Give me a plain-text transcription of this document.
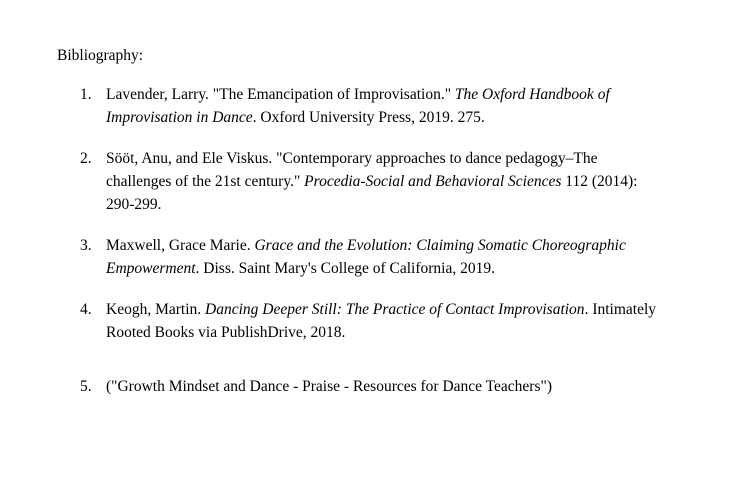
Bibliography:

1. Lavender, Larry. "The Emancipation of Improvisation." The Oxford Handbook of
Improvisation in Dance. Oxford University Press, 2019. 275.
2. Sööt, Anu, and Ele Viskus. "Contemporary approaches to dance pedagogy–The
challenges of the 21st century." Procedia-Social and Behavioral Sciences 112 (2014):
290-299.
3. Maxwell, Grace Marie. Grace and the Evolution: Claiming Somatic Choreographic
Empowerment. Diss. Saint Mary's College of California, 2019.
4. Keogh, Martin. Dancing Deeper Still: The Practice of Contact Improvisation. Intimately
Rooted Books via PublishDrive, 2018.
5. ("Growth Mindset and Dance - Praise - Resources for Dance Teachers")
